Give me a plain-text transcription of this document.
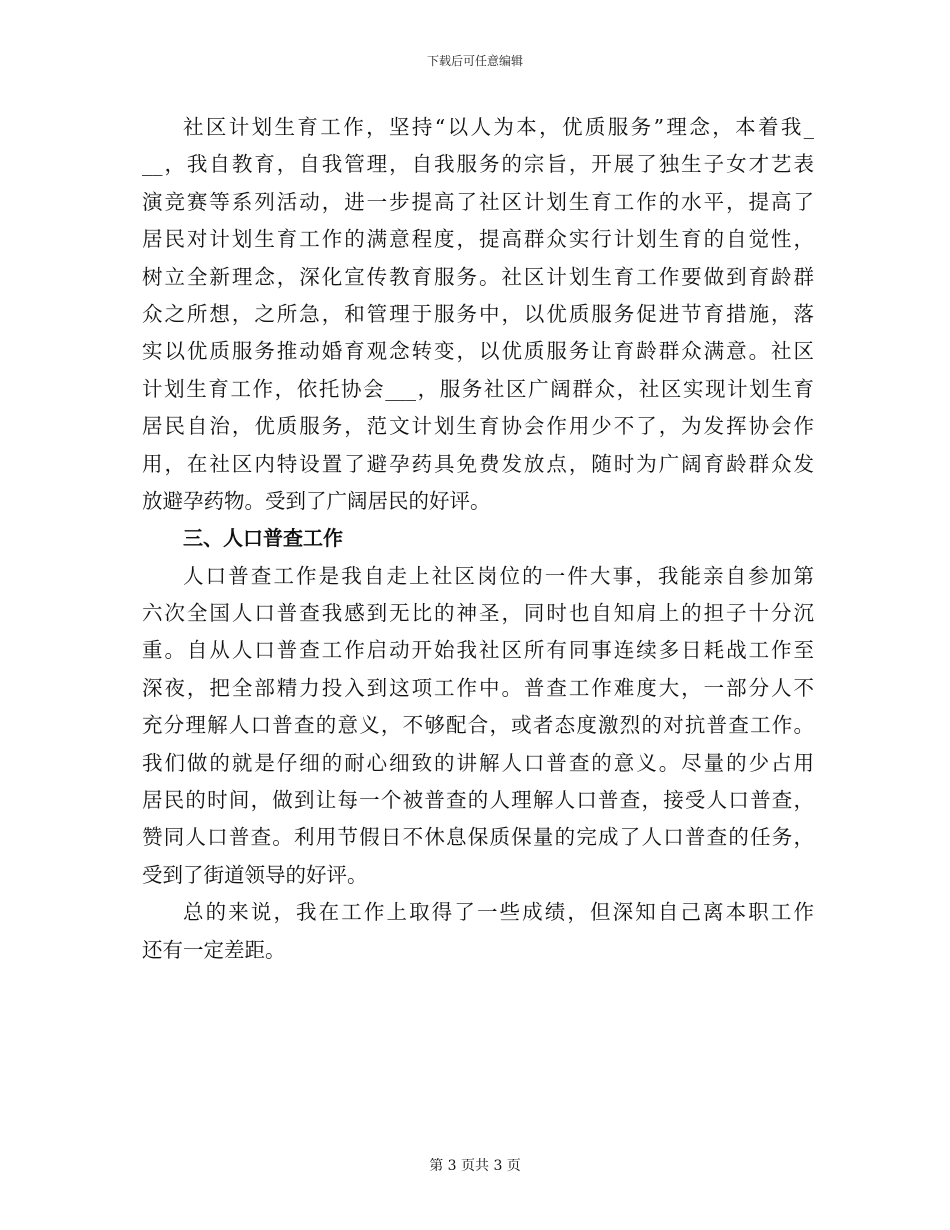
下载后可任意编辑
社区计划生育工作，坚持“以人为本，优质服务”理念，本着我_
__，我自教育，自我管理，自我服务的宗旨，开展了独生子女才艺表
演竞赛等系列活动，进一步提高了社区计划生育工作的水平，提高了
居民对计划生育工作的满意程度，提高群众实行计划生育的自觉性，
树立全新理念，深化宣传教育服务。社区计划生育工作要做到育龄群
众之所想，之所急，和管理于服务中，以优质服务促进节育措施，落
实以优质服务推动婚育观念转变，以优质服务让育龄群众满意。社区
计划生育工作，依托协会___，服务社区广阔群众，社区实现计划生育
居民自治，优质服务，范文计划生育协会作用少不了，为发挥协会作
用，在社区内特设置了避孕药具免费发放点，随时为广阔育龄群众发
放避孕药物。受到了广阔居民的好评。
三、人口普查工作
人口普查工作是我自走上社区岗位的一件大事，我能亲自参加第
六次全国人口普查我感到无比的神圣，同时也自知肩上的担子十分沉
重。自从人口普查工作启动开始我社区所有同事连续多日耗战工作至
深夜，把全部精力投入到这项工作中。普查工作难度大，一部分人不
充分理解人口普查的意义，不够配合，或者态度激烈的对抗普查工作。
我们做的就是仔细的耐心细致的讲解人口普查的意义。尽量的少占用
居民的时间，做到让每一个被普查的人理解人口普查，接受人口普查，
赞同人口普查。利用节假日不休息保质保量的完成了人口普查的任务，
受到了街道领导的好评。
总的来说，我在工作上取得了一些成绩，但深知自己离本职工作
还有一定差距。
第 3 页共 3 页
